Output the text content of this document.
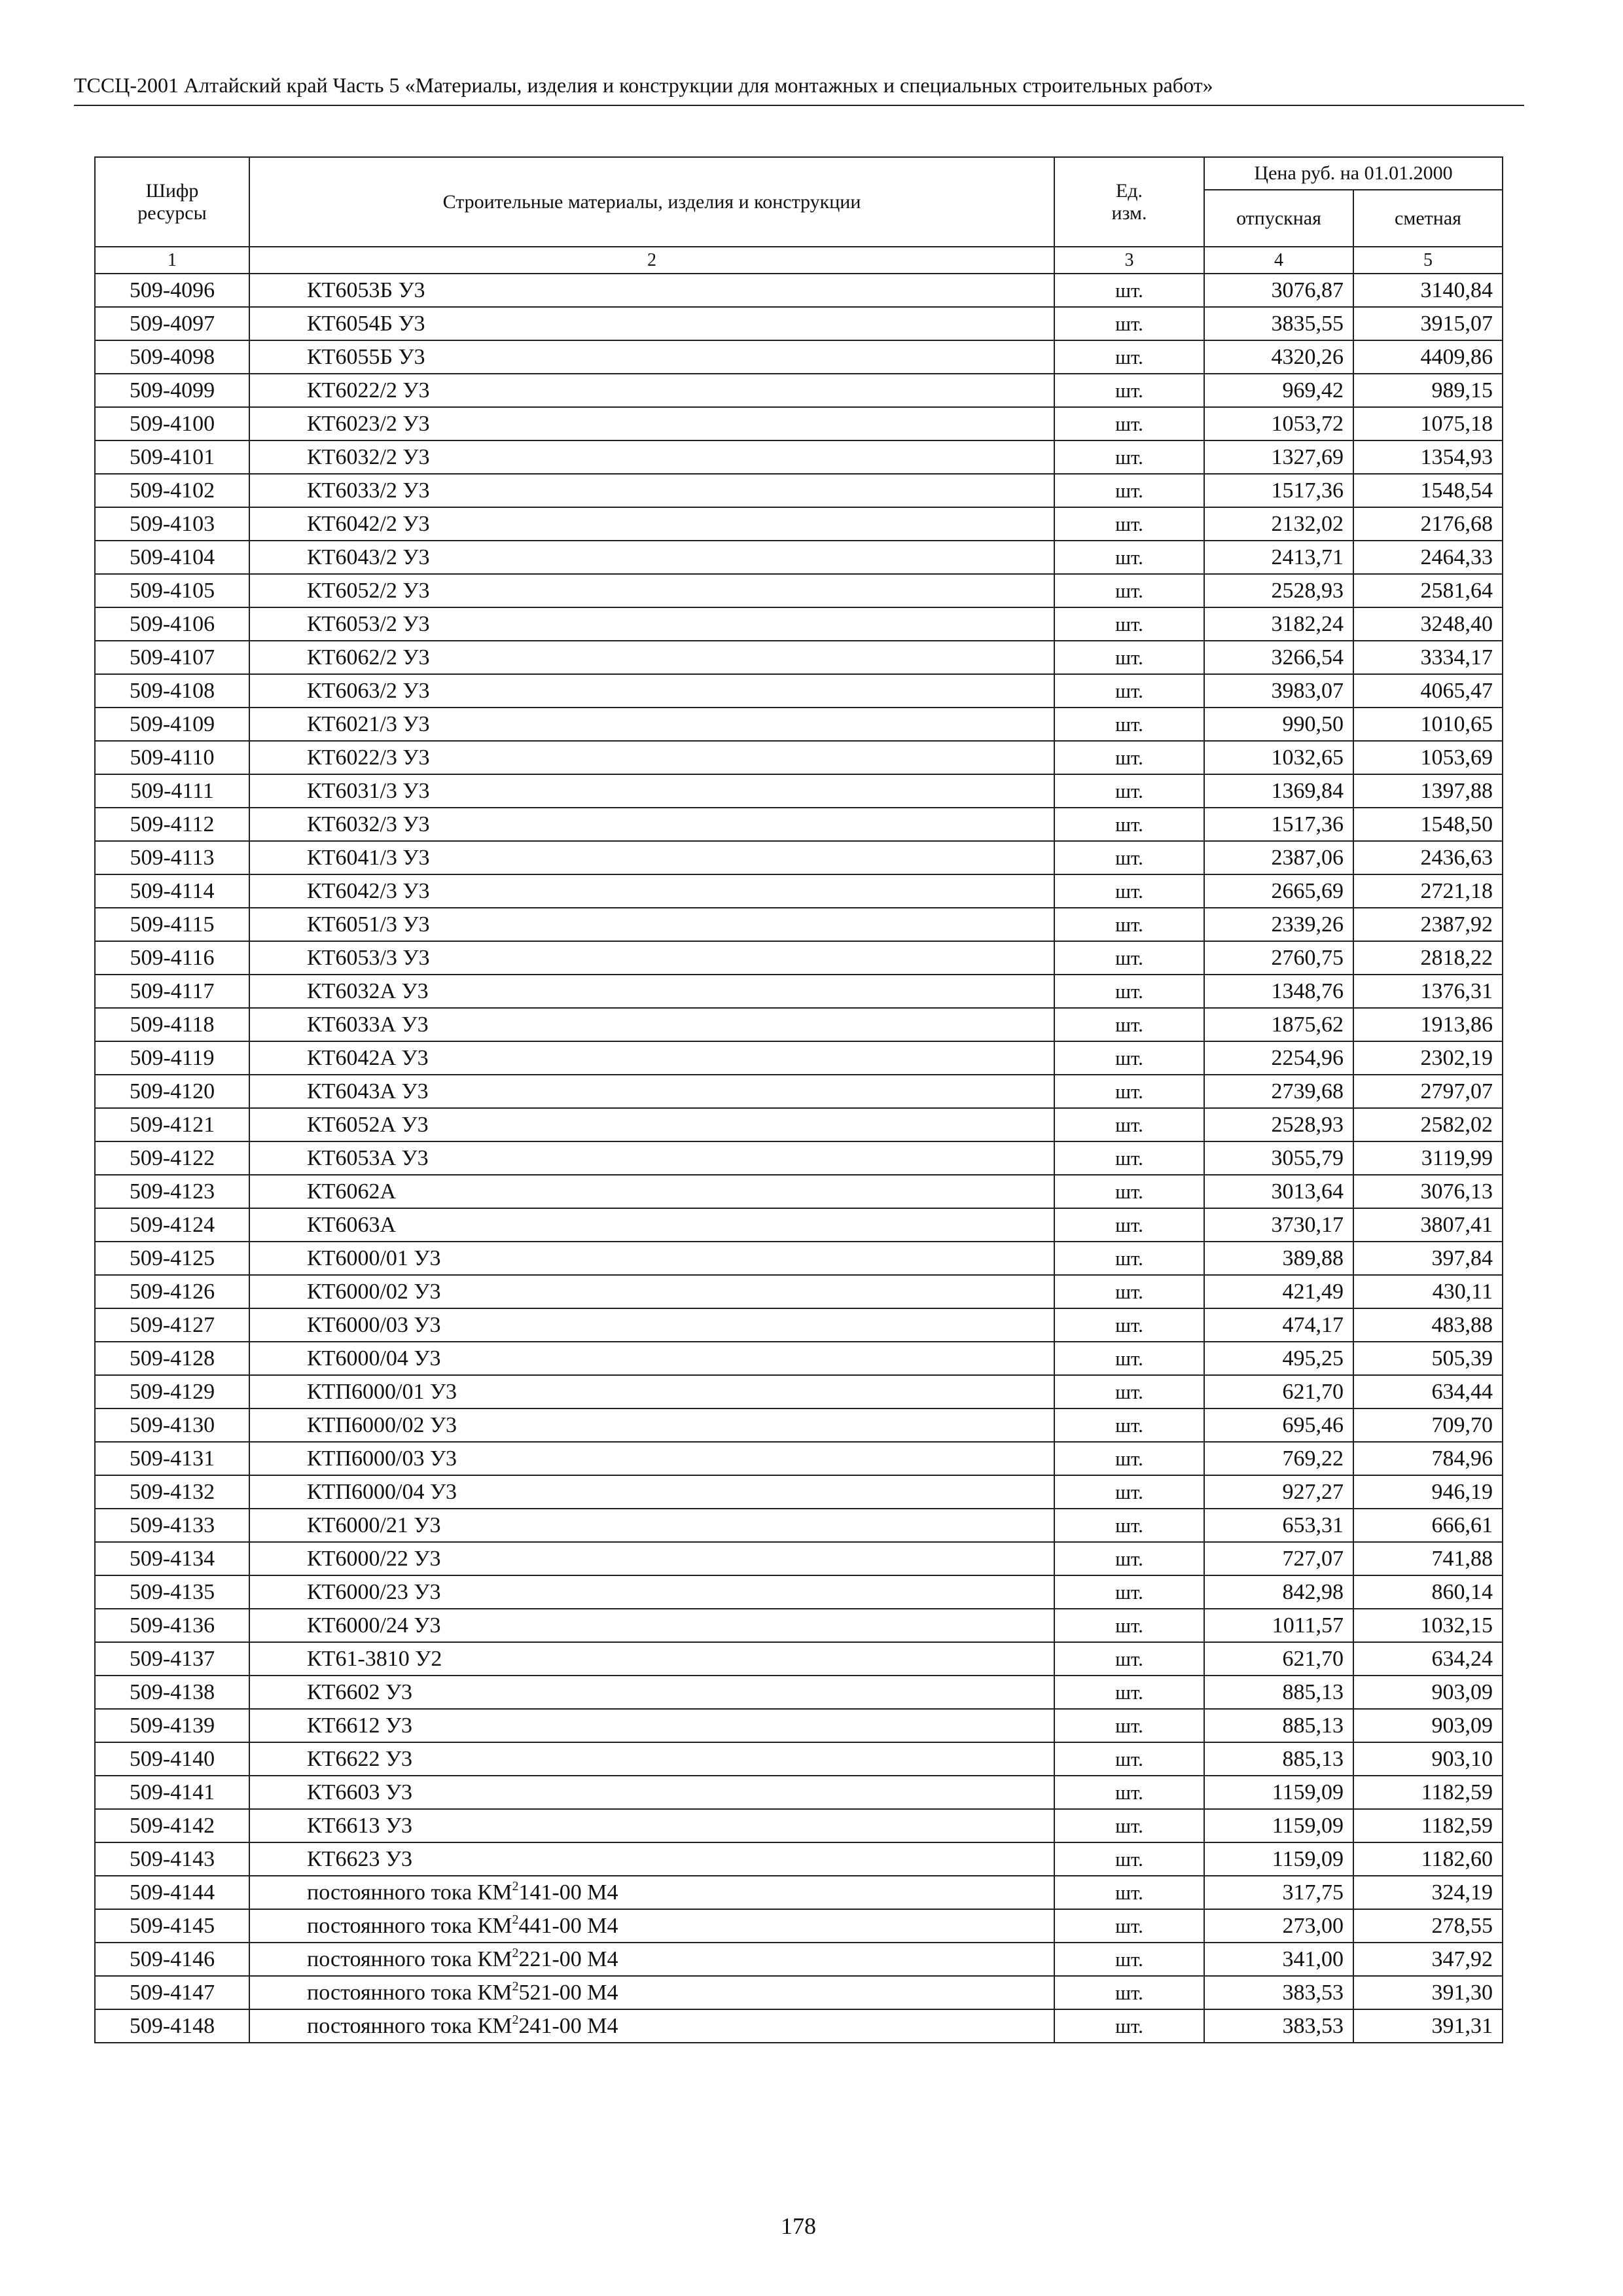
ТССЦ-2001 Алтайский край Часть 5 «Материалы, изделия и конструкции для монтажных и специальных строительных работ»
Шифр ресурсы	Строительные материалы, изделия и конструкции	Ед. изм.	Цена руб. на 01.01.2000	
			отпускная	сметная
1	2	3	4	5
509-4096	КТ6053Б У3	шт.	3076,87	3140,84
509-4097	КТ6054Б У3	шт.	3835,55	3915,07
509-4098	КТ6055Б У3	шт.	4320,26	4409,86
509-4099	КТ6022/2 У3	шт.	969,42	989,15
509-4100	КТ6023/2 У3	шт.	1053,72	1075,18
509-4101	КТ6032/2 У3	шт.	1327,69	1354,93
509-4102	КТ6033/2 У3	шт.	1517,36	1548,54
509-4103	КТ6042/2 У3	шт.	2132,02	2176,68
509-4104	КТ6043/2 У3	шт.	2413,71	2464,33
509-4105	КТ6052/2 У3	шт.	2528,93	2581,64
509-4106	КТ6053/2 У3	шт.	3182,24	3248,40
509-4107	КТ6062/2 У3	шт.	3266,54	3334,17
509-4108	КТ6063/2 У3	шт.	3983,07	4065,47
509-4109	КТ6021/3 У3	шт.	990,50	1010,65
509-4110	КТ6022/3 У3	шт.	1032,65	1053,69
509-4111	КТ6031/3 У3	шт.	1369,84	1397,88
509-4112	КТ6032/3 У3	шт.	1517,36	1548,50
509-4113	КТ6041/3 У3	шт.	2387,06	2436,63
509-4114	КТ6042/3 У3	шт.	2665,69	2721,18
509-4115	КТ6051/3 У3	шт.	2339,26	2387,92
509-4116	КТ6053/3 У3	шт.	2760,75	2818,22
509-4117	КТ6032А У3	шт.	1348,76	1376,31
509-4118	КТ6033А У3	шт.	1875,62	1913,86
509-4119	КТ6042А У3	шт.	2254,96	2302,19
509-4120	КТ6043А У3	шт.	2739,68	2797,07
509-4121	КТ6052А У3	шт.	2528,93	2582,02
509-4122	КТ6053А У3	шт.	3055,79	3119,99
509-4123	КТ6062А	шт.	3013,64	3076,13
509-4124	КТ6063А	шт.	3730,17	3807,41
509-4125	КТ6000/01 У3	шт.	389,88	397,84
509-4126	КТ6000/02 У3	шт.	421,49	430,11
509-4127	КТ6000/03 У3	шт.	474,17	483,88
509-4128	КТ6000/04 У3	шт.	495,25	505,39
509-4129	КТП6000/01 У3	шт.	621,70	634,44
509-4130	КТП6000/02 У3	шт.	695,46	709,70
509-4131	КТП6000/03 У3	шт.	769,22	784,96
509-4132	КТП6000/04 У3	шт.	927,27	946,19
509-4133	КТ6000/21 У3	шт.	653,31	666,61
509-4134	КТ6000/22 У3	шт.	727,07	741,88
509-4135	КТ6000/23 У3	шт.	842,98	860,14
509-4136	КТ6000/24 У3	шт.	1011,57	1032,15
509-4137	КТ61-3810 У2	шт.	621,70	634,24
509-4138	КТ6602 У3	шт.	885,13	903,09
509-4139	КТ6612 У3	шт.	885,13	903,09
509-4140	КТ6622 У3	шт.	885,13	903,10
509-4141	КТ6603 У3	шт.	1159,09	1182,59
509-4142	КТ6613 У3	шт.	1159,09	1182,59
509-4143	КТ6623 У3	шт.	1159,09	1182,60
509-4144	постоянного тока $КМ^2141-00$ М4	шт.	317,75	324,19
509-4145	постоянного тока $КМ^2441-00$ М4	шт.	273,00	278,55
509-4146	постоянного тока $КМ^2221-00$ М4	шт.	341,00	347,92
509-4147	постоянного тока $КМ^2521-00$ М4	шт.	383,53	391,30
509-4148	постоянного тока $КМ^2241-00$ М4	шт.	383,53	391,31
178
